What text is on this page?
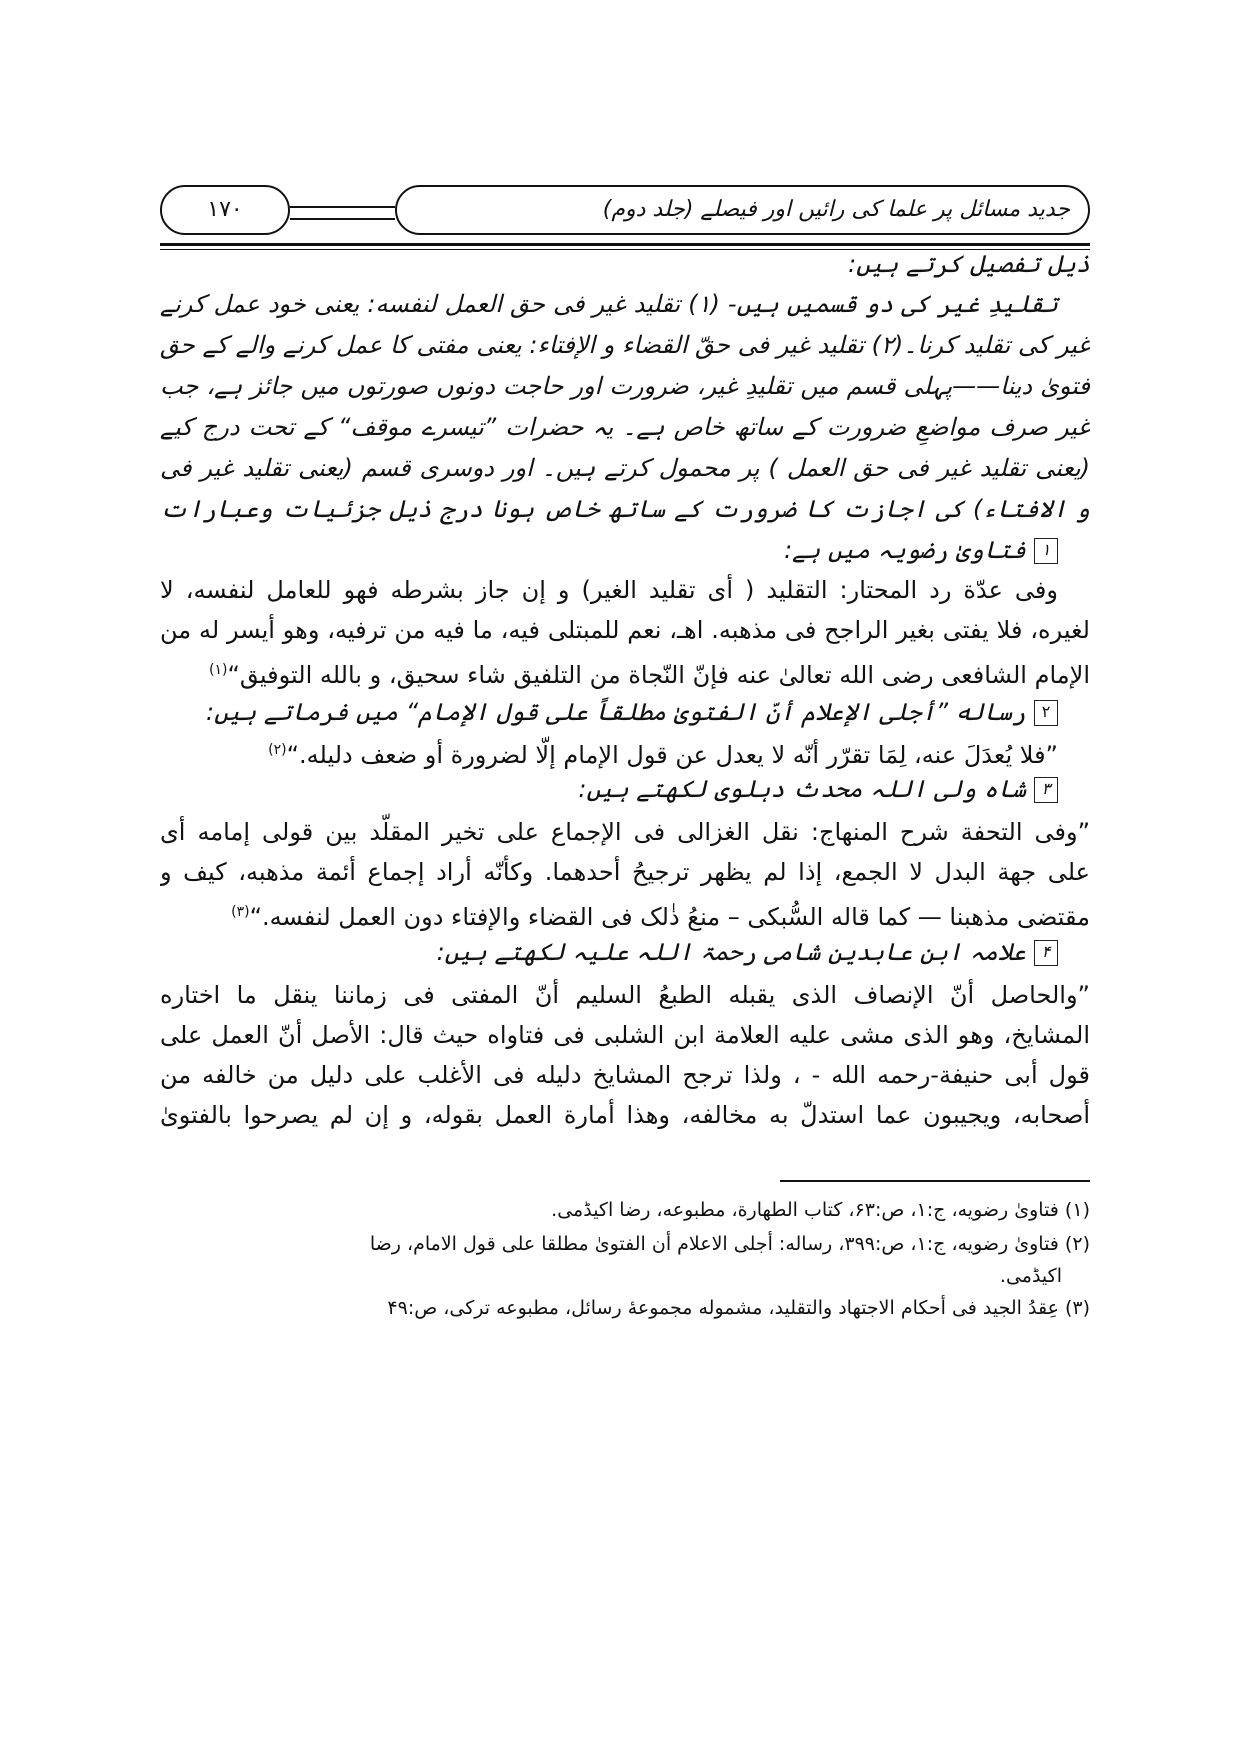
جدید مسائل پر علما کی رائیں اور فیصلے (جلد دوم)
۱۷۰
ذیل تفصیل کرتے ہیں:
تقلیدِ غیر کی دو قسمیں ہیں- (۱) تقلید غیر فی حق العمل لنفسه: یعنی خود عمل کرنے
غیر کی تقلید کرنا۔(۲) تقلید غیر فی حقّ القضاء و الإفتاء: یعنی مفتی کا عمل کرنے والے کے حق
فتویٰ دینا——پہلی قسم میں تقلیدِ غیر، ضرورت اور حاجت دونوں صورتوں میں جائز ہے، جب
غیر صرف مواضعِ ضرورت کے ساتھ خاص ہے۔ یہ حضرات ”تیسرے موقف“ کے تحت درج کیے
(یعنی تقلید غیر فی حق العمل ) پر محمول کرتے ہیں۔ اور دوسری قسم (یعنی تقلید غیر فی
و الافتاء) کی اجازت کا ضرورت کے ساتھ خاص ہونا درج ذیل جزئیات وعبارات
۱فتاویٰ رضویہ میں ہے:
وفی عدّة رد المحتار: التقلید ( أی تقلید الغیر) و إن جاز بشرطه فهو للعامل لنفسه، لا
لغیره، فلا یفتی بغیر الراجح فی مذهبه. اهـ، نعم للمبتلی فیه، ما فیه من ترفیه، وهو أیسر له من
الإمام الشافعی رضی الله تعالیٰ عنه فإنّ النّجاة من التلفیق شاء سحیق، و بالله التوفیق“$^{(۱)}$
۲رساله ”أجلی الإعلام أنّ الفتویٰ مطلقاً علی قول الإمام“ میں فرماتے ہیں:
”فلا یُعدَلَ عنه، لِمَا تقرّر أنّه لا یعدل عن قول الإمام إلّا لضرورة أو ضعف دلیله.“$^{(۲)}$
۳شاہ ولی اللہ محدث دہلوی لکھتے ہیں:
”وفی التحفة شرح المنهاج: نقل الغزالی فی الإجماع علی تخیر المقلّد بین قولی إمامه أی
علی جهة البدل لا الجمع، إذا لم یظهر ترجیحُ أحدهما. وکأنّه أراد إجماع أئمة مذهبه، کیف و
مقتضی مذهبنا — کما قاله السُّبکی – منعُ ذٰلک فی القضاء والإفتاء دون العمل لنفسه.“$^{(۳)}$
۴علامہ ابن عابدین شامی رحمۃ اللہ علیہ لکھتے ہیں:
”والحاصل أنّ الإنصاف الذی یقبله الطبعُ السلیم أنّ المفتی فی زماننا ینقل ما اختاره
المشایخ، وهو الذی مشی علیه العلامة ابن الشلبی فی فتاواه حیث قال: الأصل أنّ العمل علی
قول أبی حنیفة-رحمه الله - ، ولذا ترجح المشایخ دلیله فی الأغلب علی دلیل من خالفه من
أصحابه، ویجیبون عما استدلّ به مخالفه، وهذا أمارة العمل بقوله، و إن لم یصرحوا بالفتویٰ
(۱) فتاویٰ رضویه، ج:۱، ص:۶۳، کتاب الطهارة، مطبوعه، رضا اکیڈمی.
(۲) فتاویٰ رضویه، ج:۱، ص:۳۹۹، رساله: أجلی الاعلام أن الفتویٰ مطلقا علی قول الامام، رضا
اکیڈمی.
(۳) عِقدُ الجید فی أحکام الاجتهاد والتقلید، مشموله مجموعهٔ رسائل، مطبوعه ترکی، ص:۴۹
